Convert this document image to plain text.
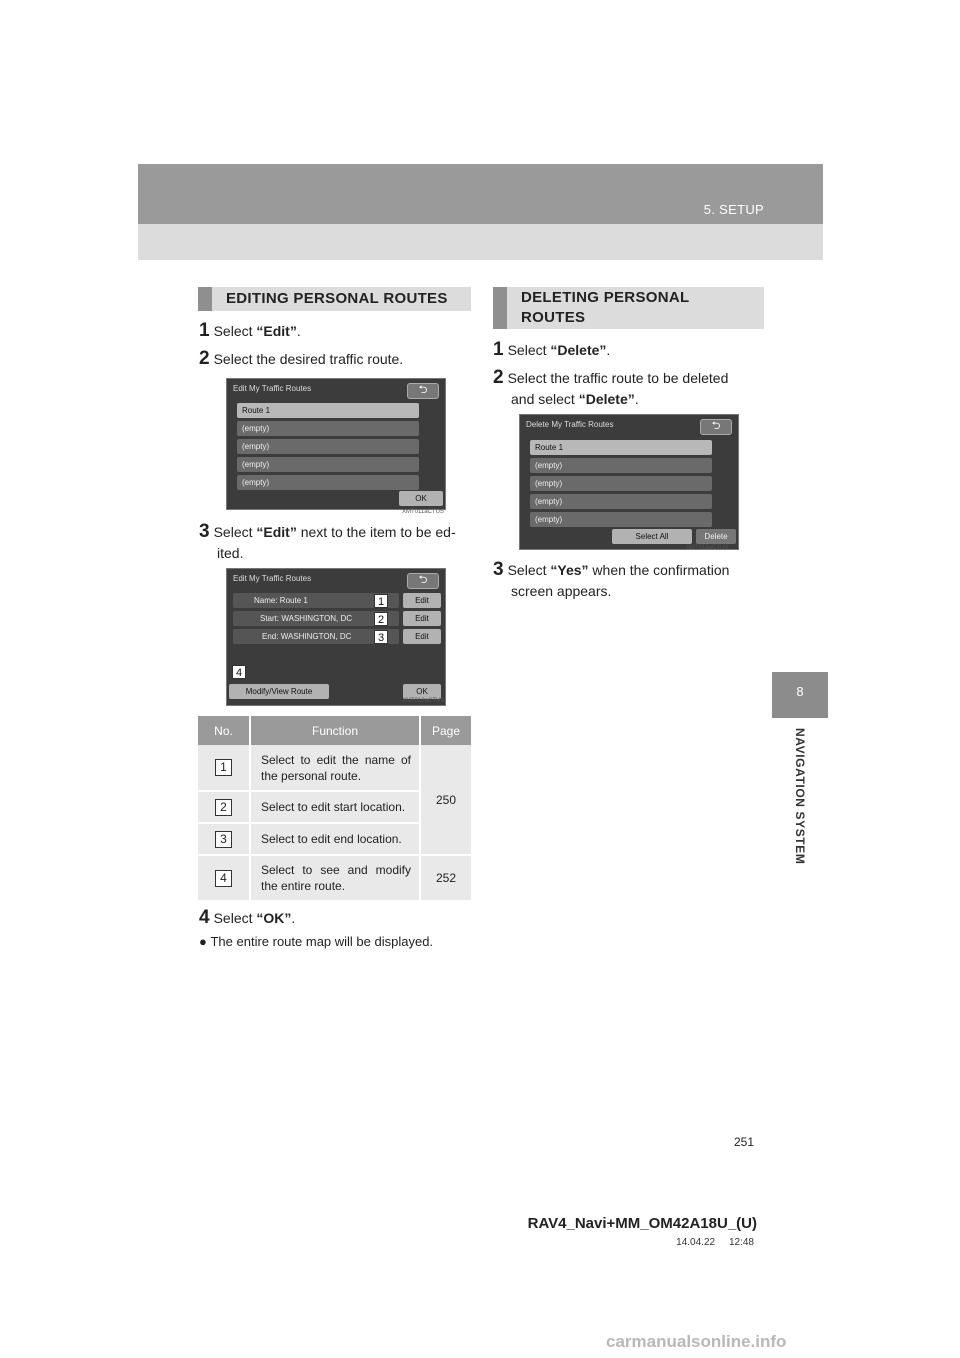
5. SETUP
8
NAVIGATION SYSTEM
EDITING PERSONAL ROUTES
1 Select “Edit”.
2 Select the desired traffic route.
Edit My Traffic Routes	⮌
Route 1
(empty)
(empty)
(empty)
(empty)
OK
XMT011aCTUS
3 Select “Edit” next to the item to be ed-
ited.
Edit My Traffic Routes	⮌
Name: Route 1	1	Edit
Start: WASHINGTON, DC	2	Edit
End: WASHINGTON, DC	3	Edit
4
Modify/View Route	OK
XMT012aCTUS
No.	Function	Page
1	Select to edit the name of the personal route.	250
2	Select to edit start location.	
3	Select to edit end location.	
4	Select to see and modify the entire route.	252
4 Select “OK”.
● The entire route map will be displayed.
DELETING PERSONAL
ROUTES
1 Select “Delete”.
2 Select the traffic route to be deleted
and select “Delete”.
Delete My Traffic Routes	⮌
Route 1
(empty)
(empty)
(empty)
(empty)
Select All	Delete
XMT013aCTUS
3 Select “Yes” when the confirmation
screen appears.
251
RAV4_Navi+MM_OM42A18U_(U)
14.04.22     12:48
carmanualsonline.info
